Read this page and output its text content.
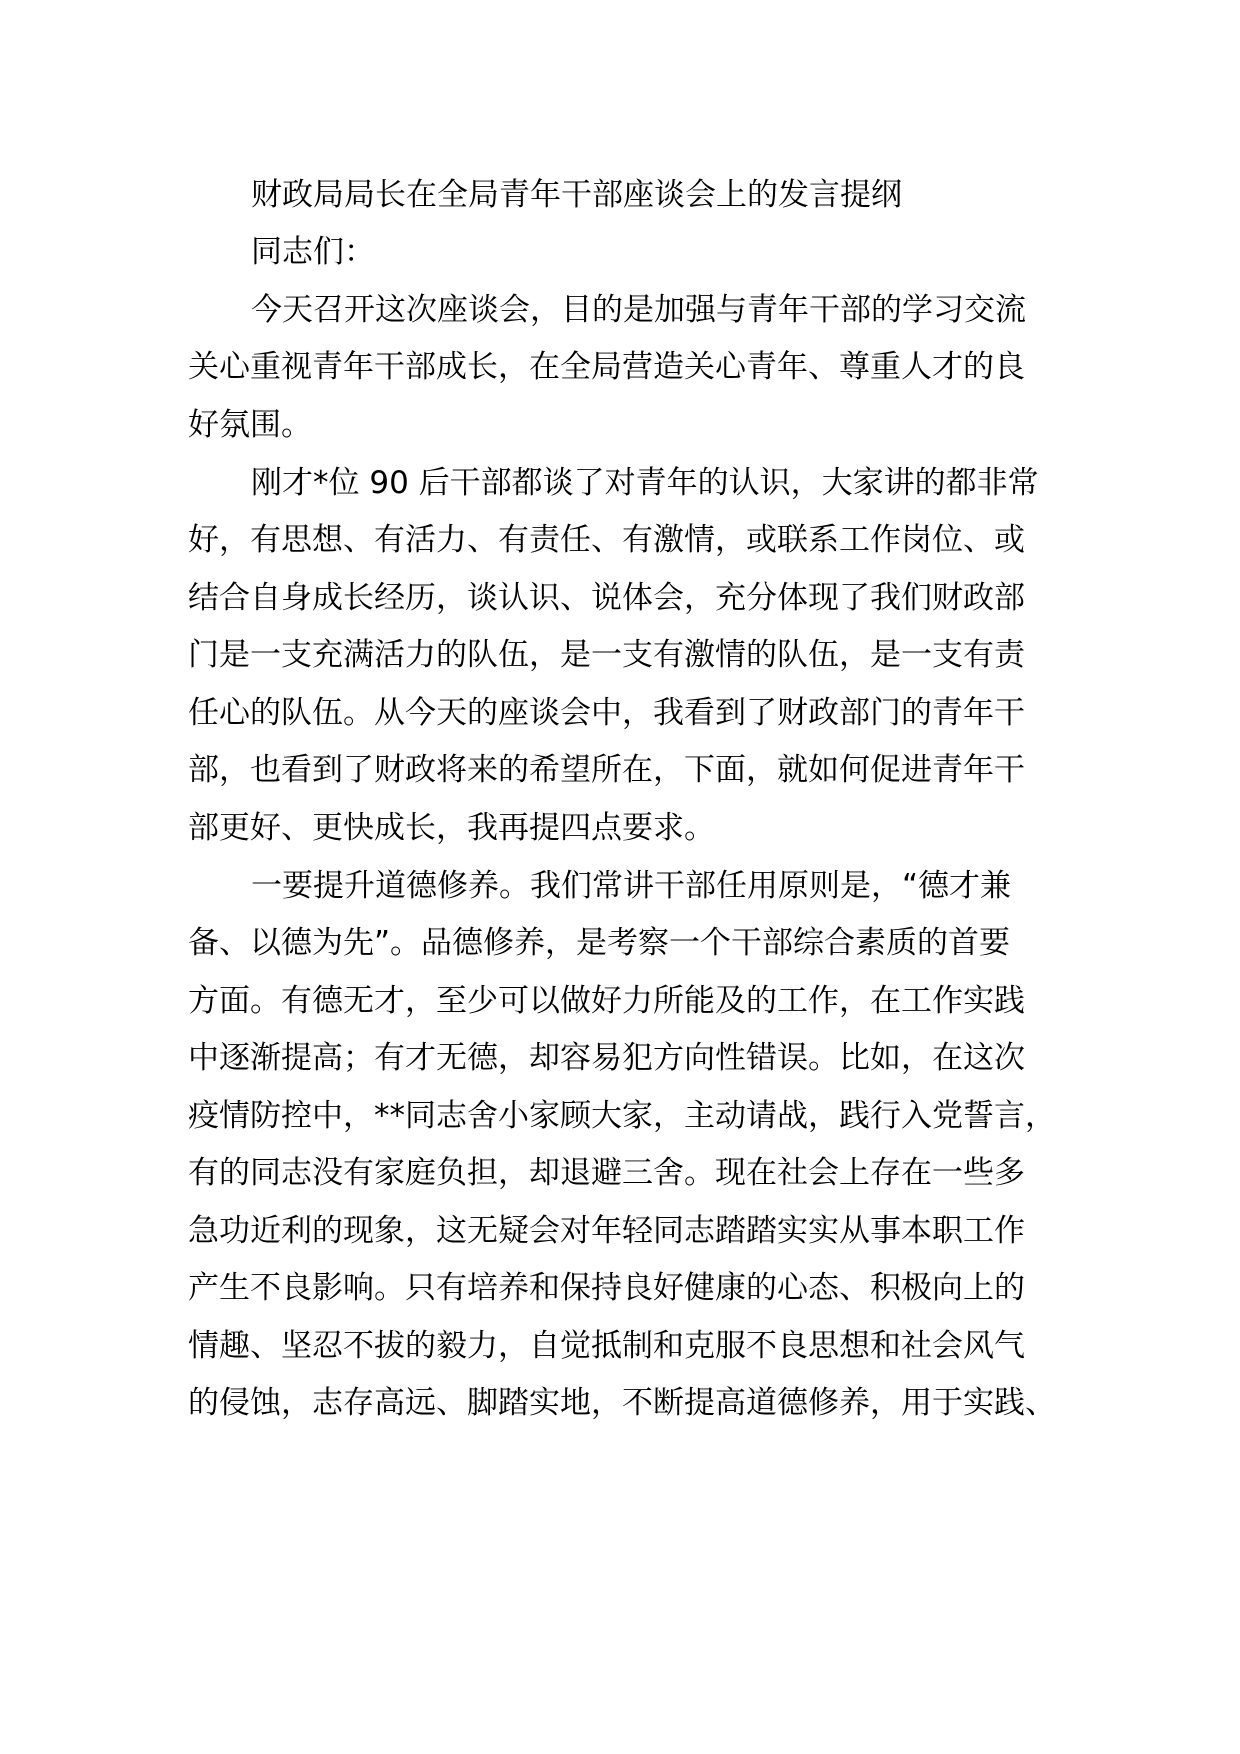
财政局局长在全局青年干部座谈会上的发言提纲

同志们：

今天召开这次座谈会，目的是加强与青年干部的学习交流

关心重视青年干部成长，在全局营造关心青年、尊重人才的良

好氛围。

刚才*位 90 后干部都谈了对青年的认识，大家讲的都非常

好，有思想、有活力、有责任、有激情，或联系工作岗位、或

结合自身成长经历，谈认识、说体会，充分体现了我们财政部

门是一支充满活力的队伍，是一支有激情的队伍，是一支有责

任心的队伍。从今天的座谈会中，我看到了财政部门的青年干

部，也看到了财政将来的希望所在，下面，就如何促进青年干

部更好、更快成长，我再提四点要求。

一要提升道德修养。我们常讲干部任用原则是，“德才兼

备、以德为先”。品德修养，是考察一个干部综合素质的首要

方面。有德无才，至少可以做好力所能及的工作，在工作实践

中逐渐提高；有才无德，却容易犯方向性错误。比如，在这次

疫情防控中，**同志舍小家顾大家，主动请战，践行入党誓言，

有的同志没有家庭负担，却退避三舍。现在社会上存在一些多

急功近利的现象，这无疑会对年轻同志踏踏实实从事本职工作

产生不良影响。只有培养和保持良好健康的心态、积极向上的

情趣、坚忍不拔的毅力，自觉抵制和克服不良思想和社会风气

的侵蚀，志存高远、脚踏实地，不断提高道德修养，用于实践、
